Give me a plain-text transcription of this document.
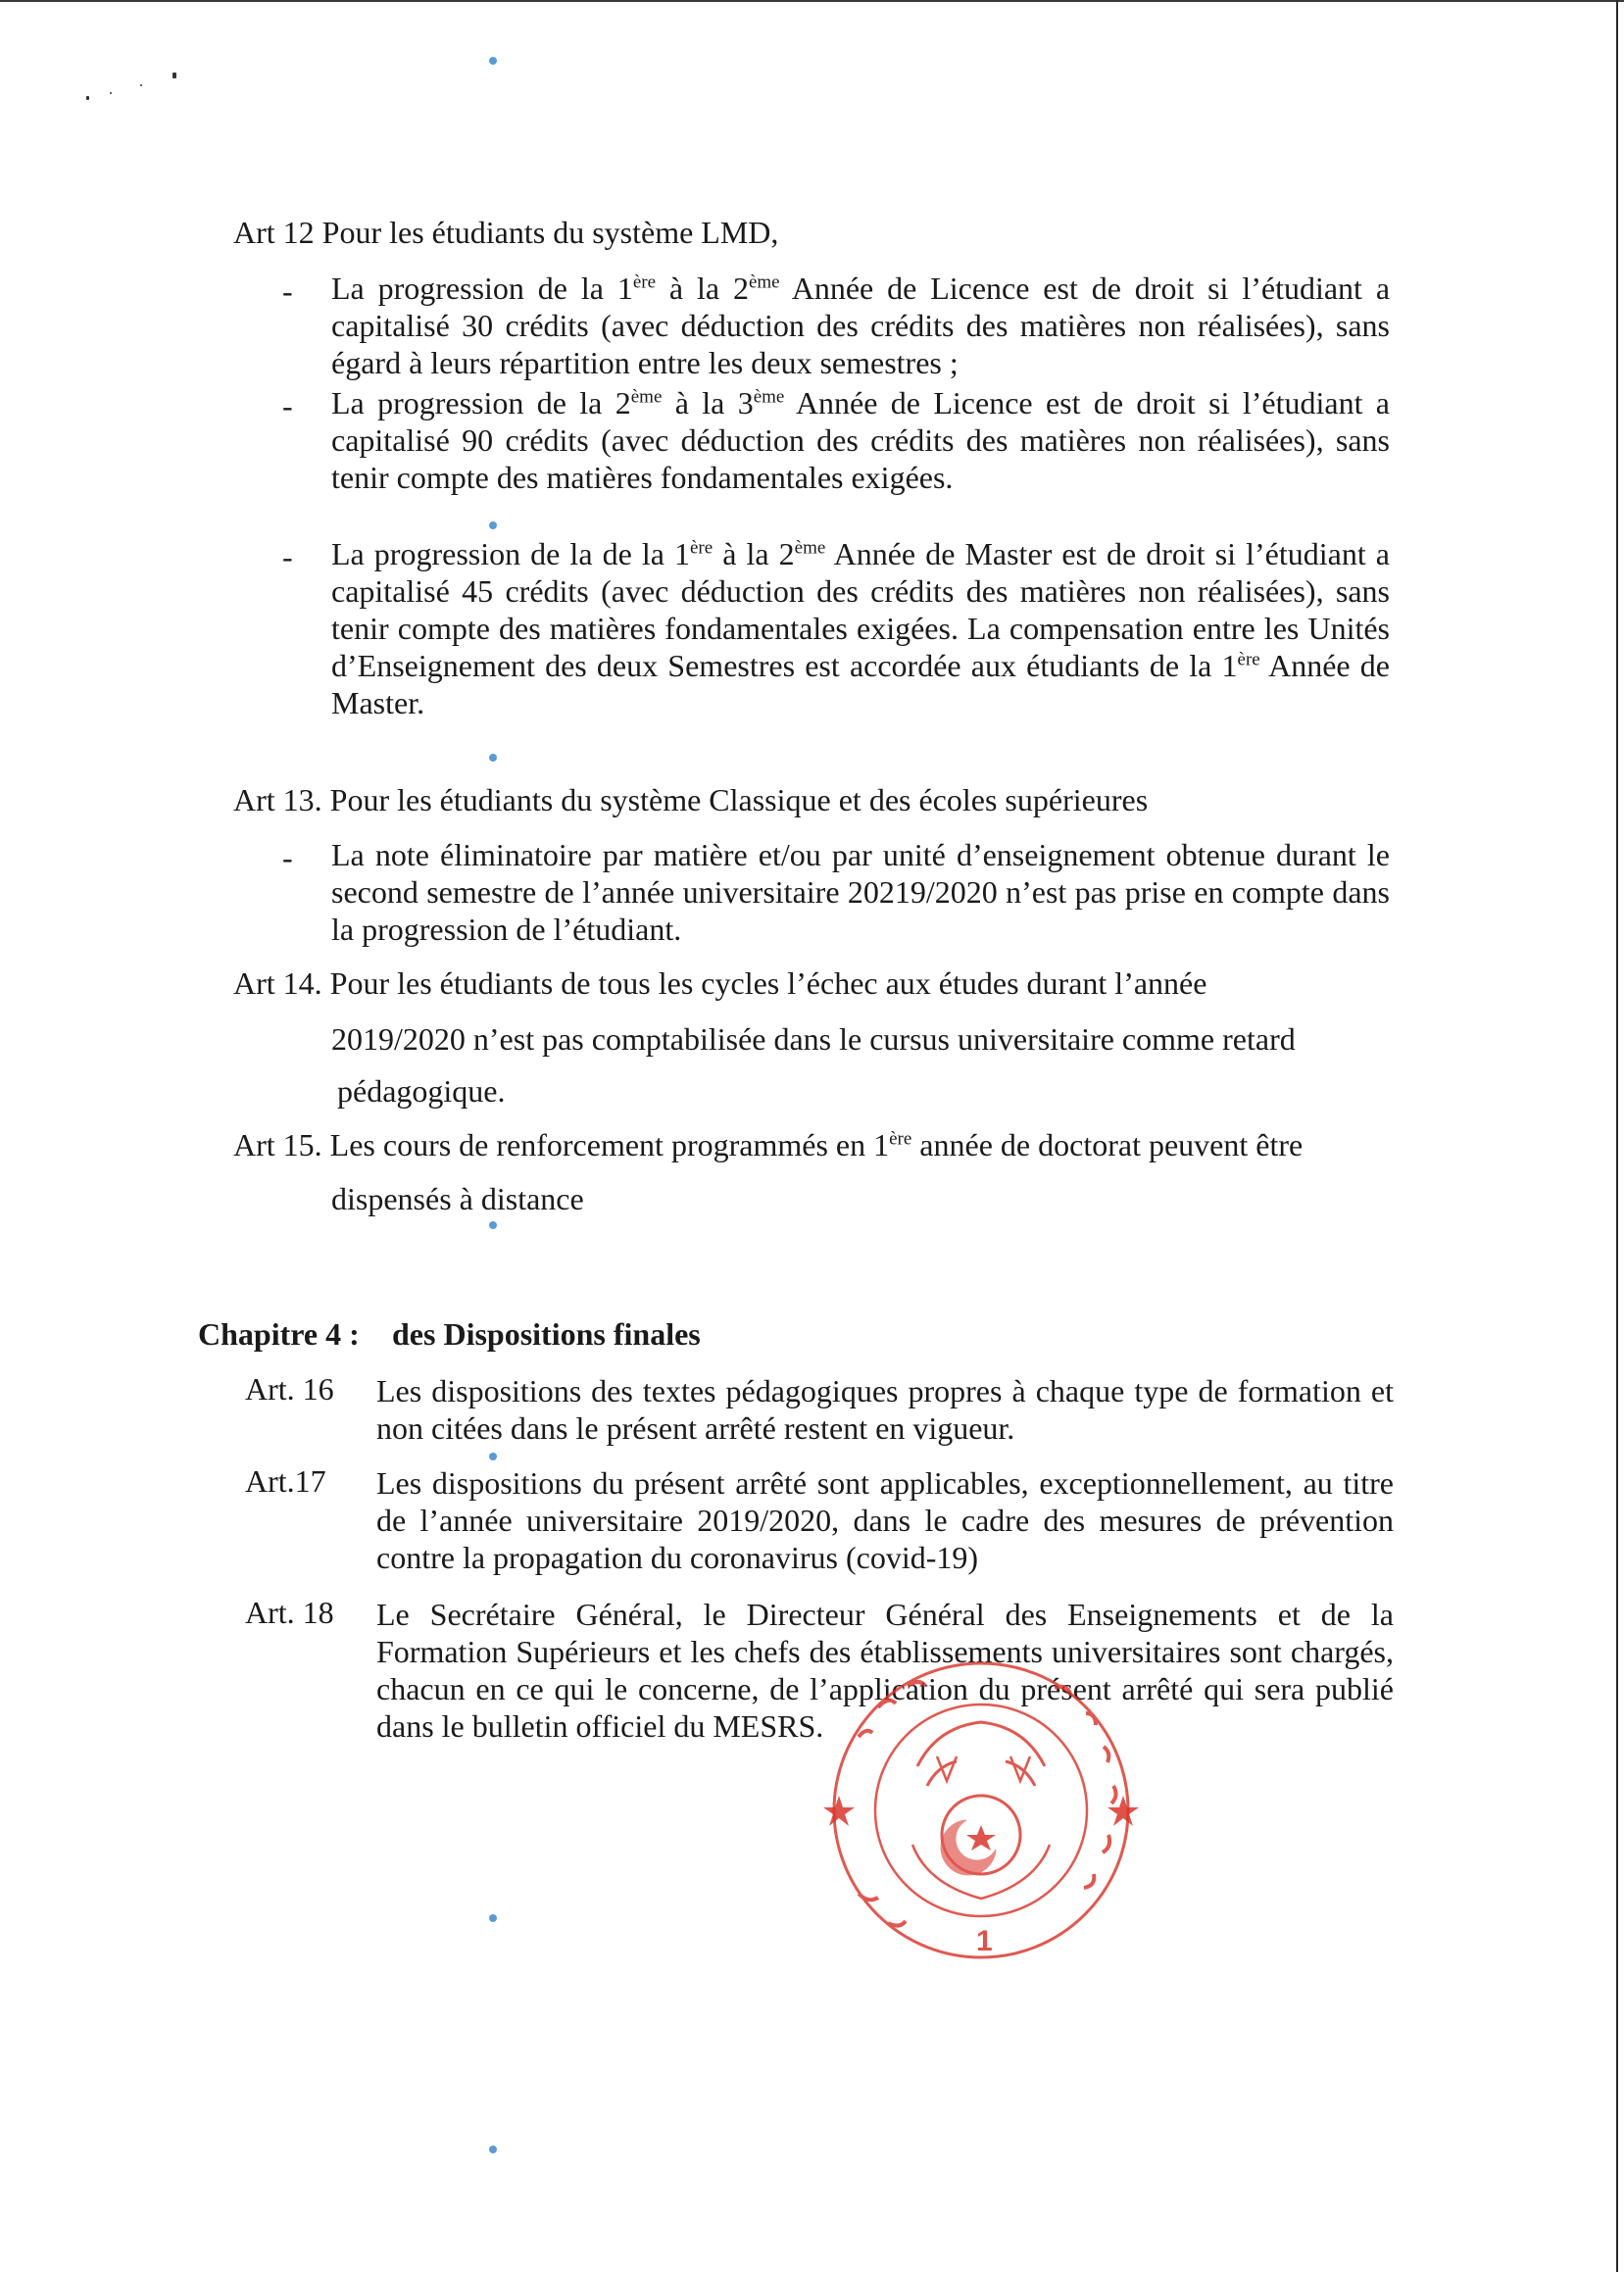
Art 12 Pour les étudiants du système LMD,

- La progression de la 1ère à la 2ème Année de Licence est de droit si l’étudiant a capitalisé 30 crédits (avec déduction des crédits des matières non réalisées), sans égard à leurs répartition entre les deux semestres ;

- La progression de la 2ème à la 3ème Année de Licence est de droit si l’étudiant a capitalisé 90 crédits (avec déduction des crédits des matières non réalisées), sans tenir compte des matières fondamentales exigées.

- La progression de la de la 1ère à la 2ème Année de Master est de droit si l’étudiant a capitalisé 45 crédits (avec déduction des crédits des matières non réalisées), sans tenir compte des matières fondamentales exigées. La compensation entre les Unités d’Enseignement des deux Semestres est accordée aux étudiants de la 1ère Année de Master.

Art 13. Pour les étudiants du système Classique et des écoles supérieures

- La note éliminatoire par matière et/ou par unité d’enseignement obtenue durant le second semestre de l’année universitaire 20219/2020 n’est pas prise en compte dans la progression de l’étudiant.

Art 14. Pour les étudiants de tous les cycles l’échec aux études durant l’année

2019/2020 n’est pas comptabilisée dans le cursus universitaire comme retard

pédagogique.

Art 15. Les cours de renforcement programmés en 1ère année de doctorat peuvent être

dispensés à distance

Chapitre 4 : des Dispositions finales

Art. 16 Les dispositions des textes pédagogiques propres à chaque type de formation et non citées dans le présent arrêté restent en vigueur.

Art.17 Les dispositions du présent arrêté sont applicables, exceptionnellement, au titre de l’année universitaire 2019/2020, dans le cadre des mesures de prévention contre la propagation du coronavirus (covid-19)

Art. 18 Le Secrétaire Général, le Directeur Général des Enseignements et de la Formation Supérieurs et les chefs des établissements universitaires sont chargés, chacun en ce qui le concerne, de l’application du présent arrêté qui sera publié dans le bulletin officiel du MESRS.

1
